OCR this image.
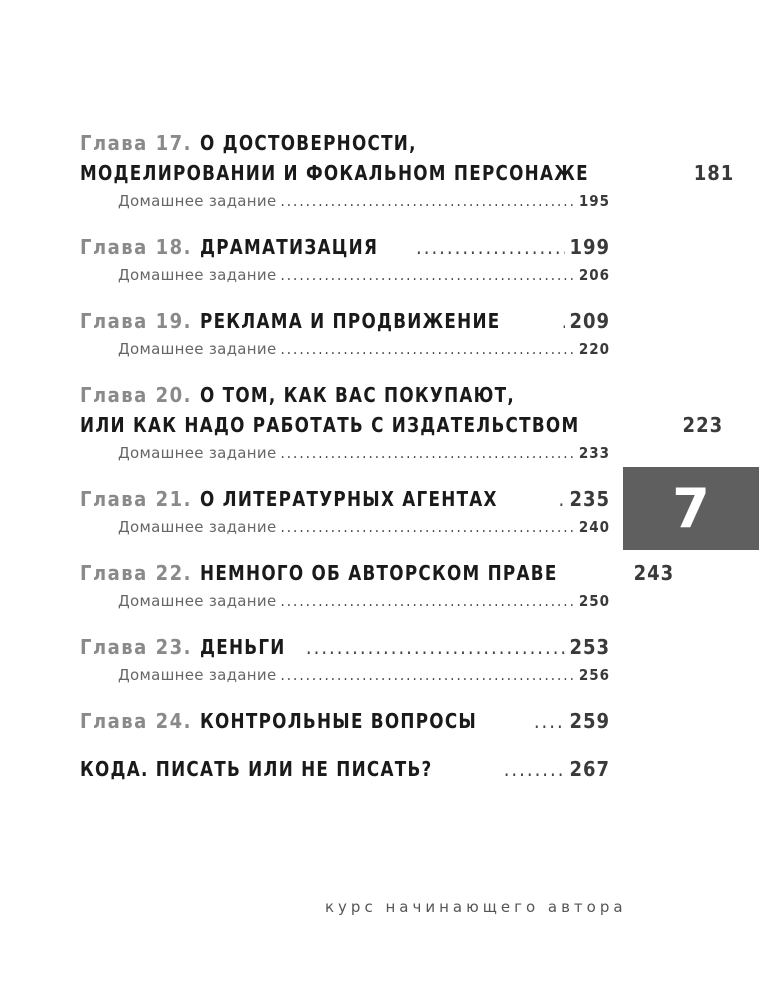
Глава 17. О ДОСТОВЕРНОСТИ,
МОДЕЛИРОВАНИИ И ФОКАЛЬНОМ ПЕРСОНАЖЕ	181
Домашнее задание .....	195
Глава 18. ДРАМАТИЗАЦИЯ .....	199
Домашнее задание .....	206
Глава 19. РЕКЛАМА И ПРОДВИЖЕНИЕ .....	209
Домашнее задание .....	220
Глава 20. О ТОМ, КАК ВАС ПОКУПАЮТ,
ИЛИ КАК НАДО РАБОТАТЬ С ИЗДАТЕЛЬСТВОМ	223
Домашнее задание .....	233
Глава 21. О ЛИТЕРАТУРНЫХ АГЕНТАХ .....	235
Домашнее задание .....	240
Глава 22. НЕМНОГО ОБ АВТОРСКОМ ПРАВЕ	243
Домашнее задание .....	250
Глава 23. ДЕНЬГИ .....	253
Домашнее задание .....	256
Глава 24. КОНТРОЛЬНЫЕ ВОПРОСЫ .....	259
КОДА. ПИСАТЬ ИЛИ НЕ ПИСАТЬ? .....	267
7
курс начинающего автора
